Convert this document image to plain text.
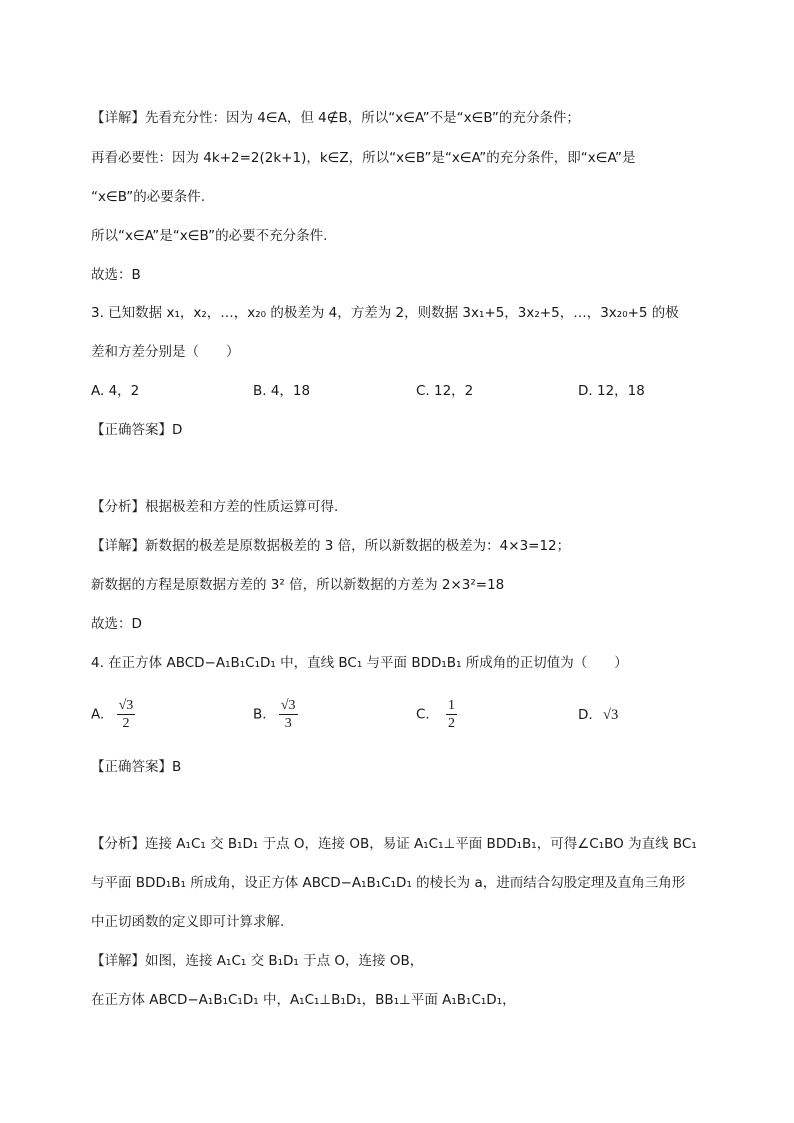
【详解】先看充分性：因为 4∈A，但 4∉B，所以“x∈A”不是“x∈B”的充分条件；
再看必要性：因为 4k+2=2(2k+1)，k∈Z，所以“x∈B”是“x∈A”的充分条件，即“x∈A”是
“x∈B”的必要条件.
所以“x∈A”是“x∈B”的必要不充分条件.
故选：B
3. 已知数据 x₁，x₂，…，x₂₀ 的极差为 4，方差为 2，则数据 3x₁+5，3x₂+5，…，3x₂₀+5 的极
差和方差分别是（　　）
A. 4，2	B. 4，18	C. 12，2	D. 12，18
【正确答案】D
【分析】根据极差和方差的性质运算可得.
【详解】新数据的极差是原数据极差的 3 倍，所以新数据的极差为：4×3=12；
新数据的方程是原数据方差的 3² 倍，所以新数据的方差为 2×3²=18
故选：D
4. 在正方体 ABCD−A₁B₁C₁D₁ 中，直线 BC₁ 与平面 BDD₁B₁ 所成角的正切值为（　　）
A. $\frac{√3}{2}$	B. $\frac{√3}{3}$	C. $\frac{1}{2}$	D. √3
【正确答案】B
【分析】连接 A₁C₁ 交 B₁D₁ 于点 O，连接 OB，易证 A₁C₁⊥平面 BDD₁B₁，可得∠C₁BO 为直线 BC₁
与平面 BDD₁B₁ 所成角，设正方体 ABCD−A₁B₁C₁D₁ 的棱长为 a，进而结合勾股定理及直角三角形
中正切函数的定义即可计算求解.
【详解】如图，连接 A₁C₁ 交 B₁D₁ 于点 O，连接 OB，
在正方体 ABCD−A₁B₁C₁D₁ 中，A₁C₁⊥B₁D₁，BB₁⊥平面 A₁B₁C₁D₁，
